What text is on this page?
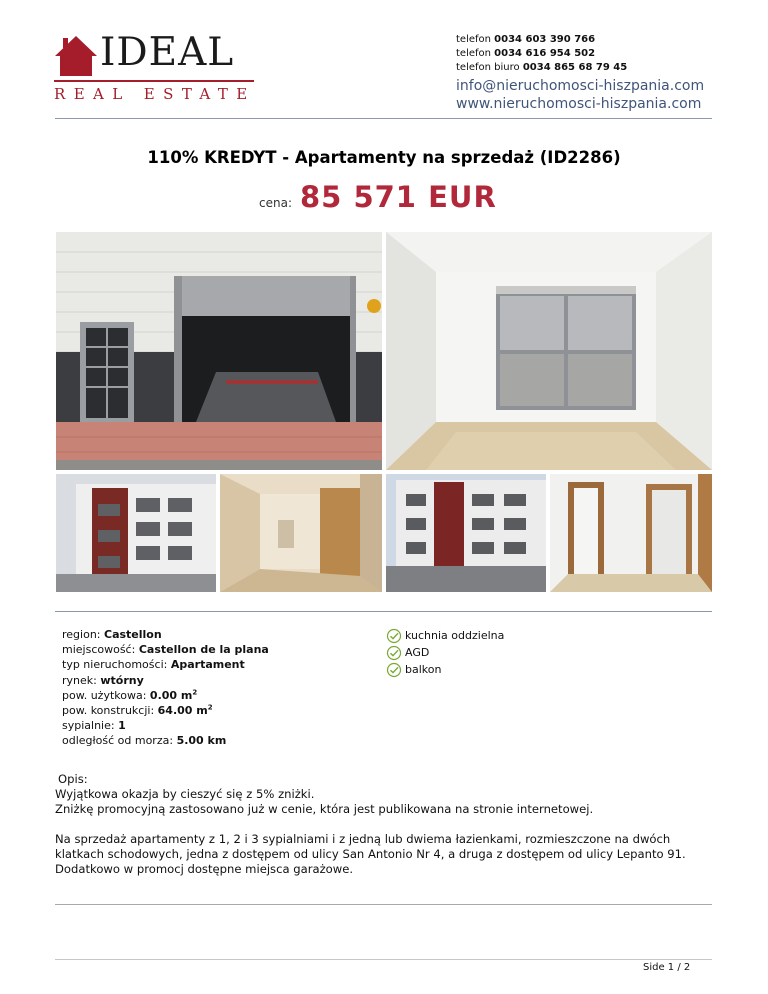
IDEAL
REAL ESTATE
telefon 0034 603 390 766
telefon 0034 616 954 502
telefon biuro 0034 865 68 79 45
info@nieruchomosci-hiszpania.com
www.nieruchomosci-hiszpania.com
110% KREDYT - Apartamenty na sprzedaż (ID2286)
cena: 85 571 EUR
region: Castellon
miejscowość: Castellon de la plana
typ nieruchomości: Apartament
rynek: wtórny
pow. użytkowa: 0.00 $m^2$
pow. konstrukcji: 64.00 $m^2$
sypialnie: 1
odległość od morza: 5.00 km
kuchnia oddzielna
AGD
balkon

Opis:

Wyjątkowa okazja by cieszyć się z 5% zniżki.

Zniżkę promocyjną zastosowano już w cenie, która jest publikowana na stronie internetowej.

Na sprzedaż apartamenty z 1, 2 i 3 sypialniami i z jedną lub dwiema łazienkami, rozmieszczone na dwóch klatkach schodowych, jedna z dostępem od ulicy San Antonio Nr 4, a druga z dostępem od ulicy Lepanto 91.

Dodatkowo w promocj dostępne miejsca garażowe.

Side 1 / 2
